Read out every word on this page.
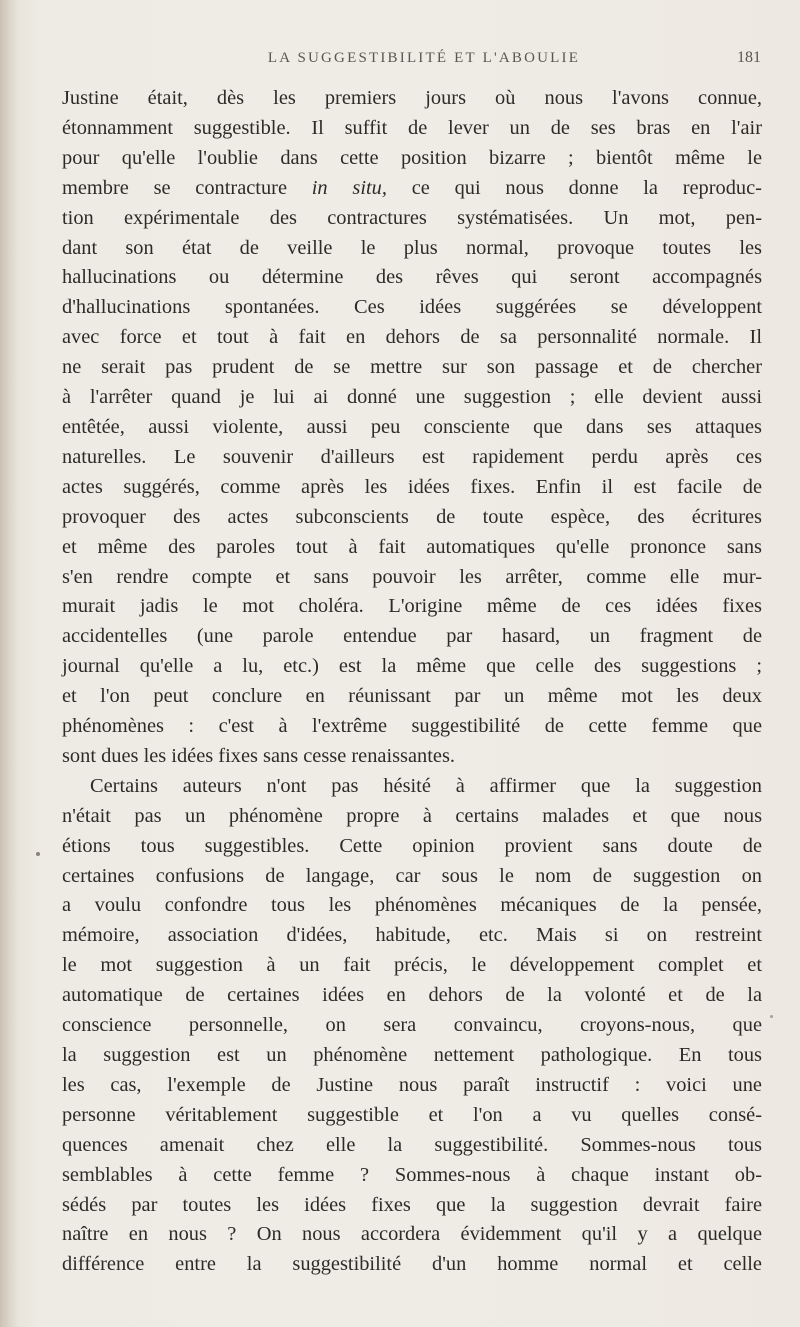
LA SUGGESTIBILITÉ ET L'ABOULIE	181

Justine était, dès les premiers jours où nous l'avons connue,
étonnamment suggestible. Il suffit de lever un de ses bras en l'air
pour qu'elle l'oublie dans cette position bizarre ; bientôt même le
membre se contracture in situ, ce qui nous donne la reproduc-
tion expérimentale des contractures systématisées. Un mot, pen-
dant son état de veille le plus normal, provoque toutes les
hallucinations ou détermine des rêves qui seront accompagnés
d'hallucinations spontanées. Ces idées suggérées se développent
avec force et tout à fait en dehors de sa personnalité normale. Il
ne serait pas prudent de se mettre sur son passage et de chercher
à l'arrêter quand je lui ai donné une suggestion ; elle devient aussi
entêtée, aussi violente, aussi peu consciente que dans ses attaques
naturelles. Le souvenir d'ailleurs est rapidement perdu après ces
actes suggérés, comme après les idées fixes. Enfin il est facile de
provoquer des actes subconscients de toute espèce, des écritures
et même des paroles tout à fait automatiques qu'elle prononce sans
s'en rendre compte et sans pouvoir les arrêter, comme elle mur-
murait jadis le mot choléra. L'origine même de ces idées fixes
accidentelles (une parole entendue par hasard, un fragment de
journal qu'elle a lu, etc.) est la même que celle des suggestions ;
et l'on peut conclure en réunissant par un même mot les deux
phénomènes : c'est à l'extrême suggestibilité de cette femme que
sont dues les idées fixes sans cesse renaissantes.

Certains auteurs n'ont pas hésité à affirmer que la suggestion
n'était pas un phénomène propre à certains malades et que nous
étions tous suggestibles. Cette opinion provient sans doute de
certaines confusions de langage, car sous le nom de suggestion on
a voulu confondre tous les phénomènes mécaniques de la pensée,
mémoire, association d'idées, habitude, etc. Mais si on restreint
le mot suggestion à un fait précis, le développement complet et
automatique de certaines idées en dehors de la volonté et de la
conscience personnelle, on sera convaincu, croyons-nous, que
la suggestion est un phénomène nettement pathologique. En tous
les cas, l'exemple de Justine nous paraît instructif : voici une
personne véritablement suggestible et l'on a vu quelles consé-
quences amenait chez elle la suggestibilité. Sommes-nous tous
semblables à cette femme ? Sommes-nous à chaque instant ob-
sédés par toutes les idées fixes que la suggestion devrait faire
naître en nous ? On nous accordera évidemment qu'il y a quelque
différence entre la suggestibilité d'un homme normal et celle
